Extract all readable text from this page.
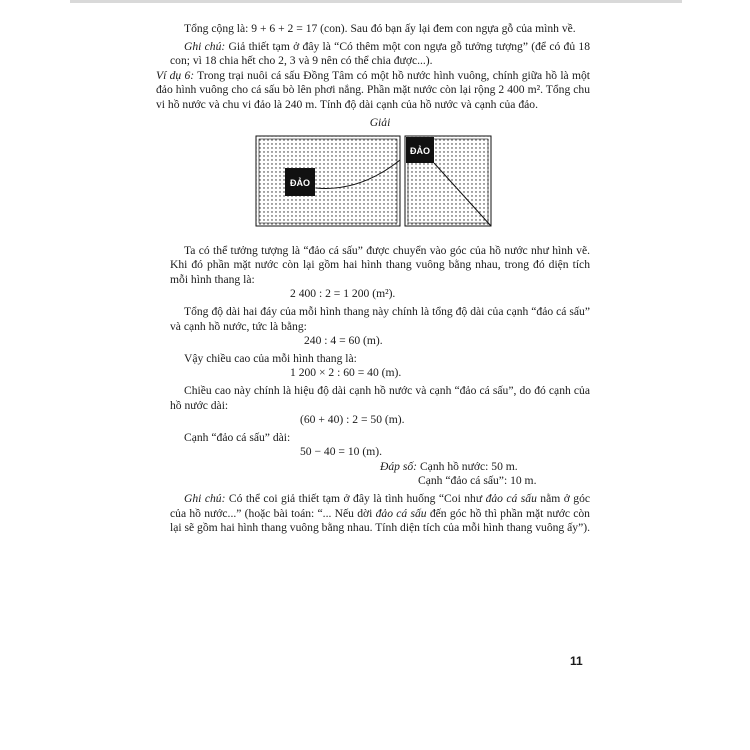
Tổng cộng là: 9 + 6 + 2 = 17 (con). Sau đó bạn ấy lại đem con ngựa gỗ của mình về.

Ghi chú: Giả thiết tạm ở đây là “Có thêm một con ngựa gỗ tưởng tượng” (để có đủ 18 con; vì 18 chia hết cho 2, 3 và 9 nên có thể chia được...).

Ví dụ 6: Trong trại nuôi cá sấu Đồng Tâm có một hồ nước hình vuông, chính giữa hồ là một đảo hình vuông cho cá sấu bò lên phơi nắng. Phần mặt nước còn lại rộng 2 400 m². Tổng chu vi hồ nước và chu vi đảo là 240 m. Tính độ dài cạnh của hồ nước và cạnh của đảo.

Giải
ĐẢO
ĐẢO

Ta có thể tưởng tượng là “đảo cá sấu” được chuyển vào góc của hồ nước như hình vẽ. Khi đó phần mặt nước còn lại gồm hai hình thang vuông bằng nhau, trong đó diện tích mỗi hình thang là:

2 400 : 2 = 1 200 (m²).

Tổng độ dài hai đáy của mỗi hình thang này chính là tổng độ dài của cạnh “đảo cá sấu” và cạnh hồ nước, tức là bằng:

240 : 4 = 60 (m).

Vậy chiều cao của mỗi hình thang là:

1 200 × 2 : 60 = 40 (m).

Chiều cao này chính là hiệu độ dài cạnh hồ nước và cạnh “đảo cá sấu”, do đó cạnh của hồ nước dài:

(60 + 40) : 2 = 50 (m).

Cạnh “đảo cá sấu” dài:

50 − 40 = 10 (m).

Đáp số: Cạnh hồ nước: 50 m.

Cạnh “đảo cá sấu”: 10 m.

Ghi chú: Có thể coi giả thiết tạm ở đây là tình huống “Coi như đảo cá sấu nằm ở góc của hồ nước...” (hoặc bài toán: “... Nếu dời đảo cá sấu đến góc hồ thì phần mặt nước còn lại sẽ gồm hai hình thang vuông bằng nhau. Tính diện tích của mỗi hình thang vuông ấy”).

11
